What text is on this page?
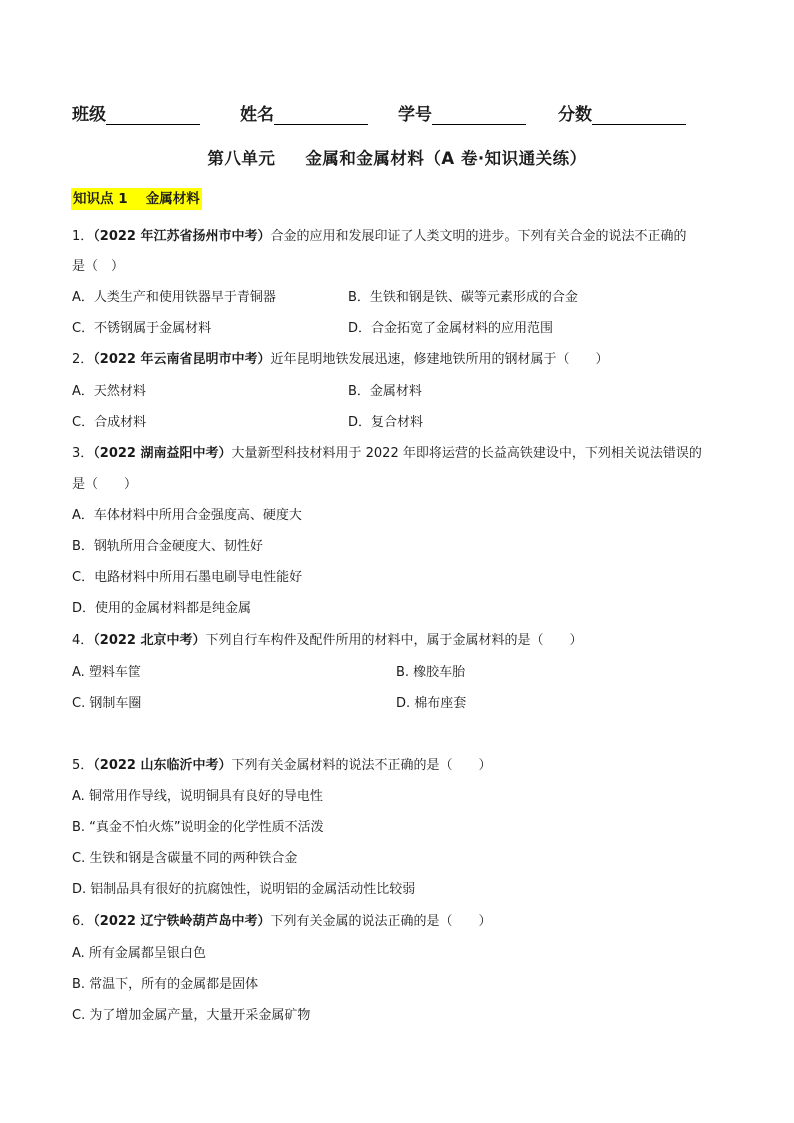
班级	姓名	学号	分数
第八单元 金属和金属材料（A 卷·知识通关练）
知识点 1　 金属材料
1．（2022 年江苏省扬州市中考）合金的应用和发展印证了人类文明的进步。下列有关合金的说法不正确的
是（　）
A．人类生产和使用铁器早于青铜器	B．生铁和钢是铁、碳等元素形成的合金
C．不锈钢属于金属材料	D．合金拓宽了金属材料的应用范围
2．（2022 年云南省昆明市中考）近年昆明地铁发展迅速，修建地铁所用的钢材属于（　　）
A．天然材料	B．金属材料
C．合成材料	D．复合材料
3．（2022 湖南益阳中考）大量新型科技材料用于 2022 年即将运营的长益高铁建设中，下列相关说法错误的
是（　　）
A．车体材料中所用合金强度高、硬度大
B．钢轨所用合金硬度大、韧性好
C．电路材料中所用石墨电刷导电性能好
D．使用的金属材料都是纯金属
4．（2022 北京中考）下列自行车构件及配件所用的材料中，属于金属材料的是（　　）
A. 塑料车筐	B. 橡胶车胎
C. 钢制车圈	D. 棉布座套
5．（2022 山东临沂中考）下列有关金属材料的说法不正确的是（　　）
A. 铜常用作导线，说明铜具有良好的导电性
B. “真金不怕火炼”说明金的化学性质不活泼
C. 生铁和钢是含碳量不同的两种铁合金
D. 铝制品具有很好的抗腐蚀性，说明铝的金属活动性比较弱
6．（2022 辽宁铁岭葫芦岛中考）下列有关金属的说法正确的是（　　）
A. 所有金属都呈银白色
B. 常温下，所有的金属都是固体
C. 为了增加金属产量，大量开采金属矿物
